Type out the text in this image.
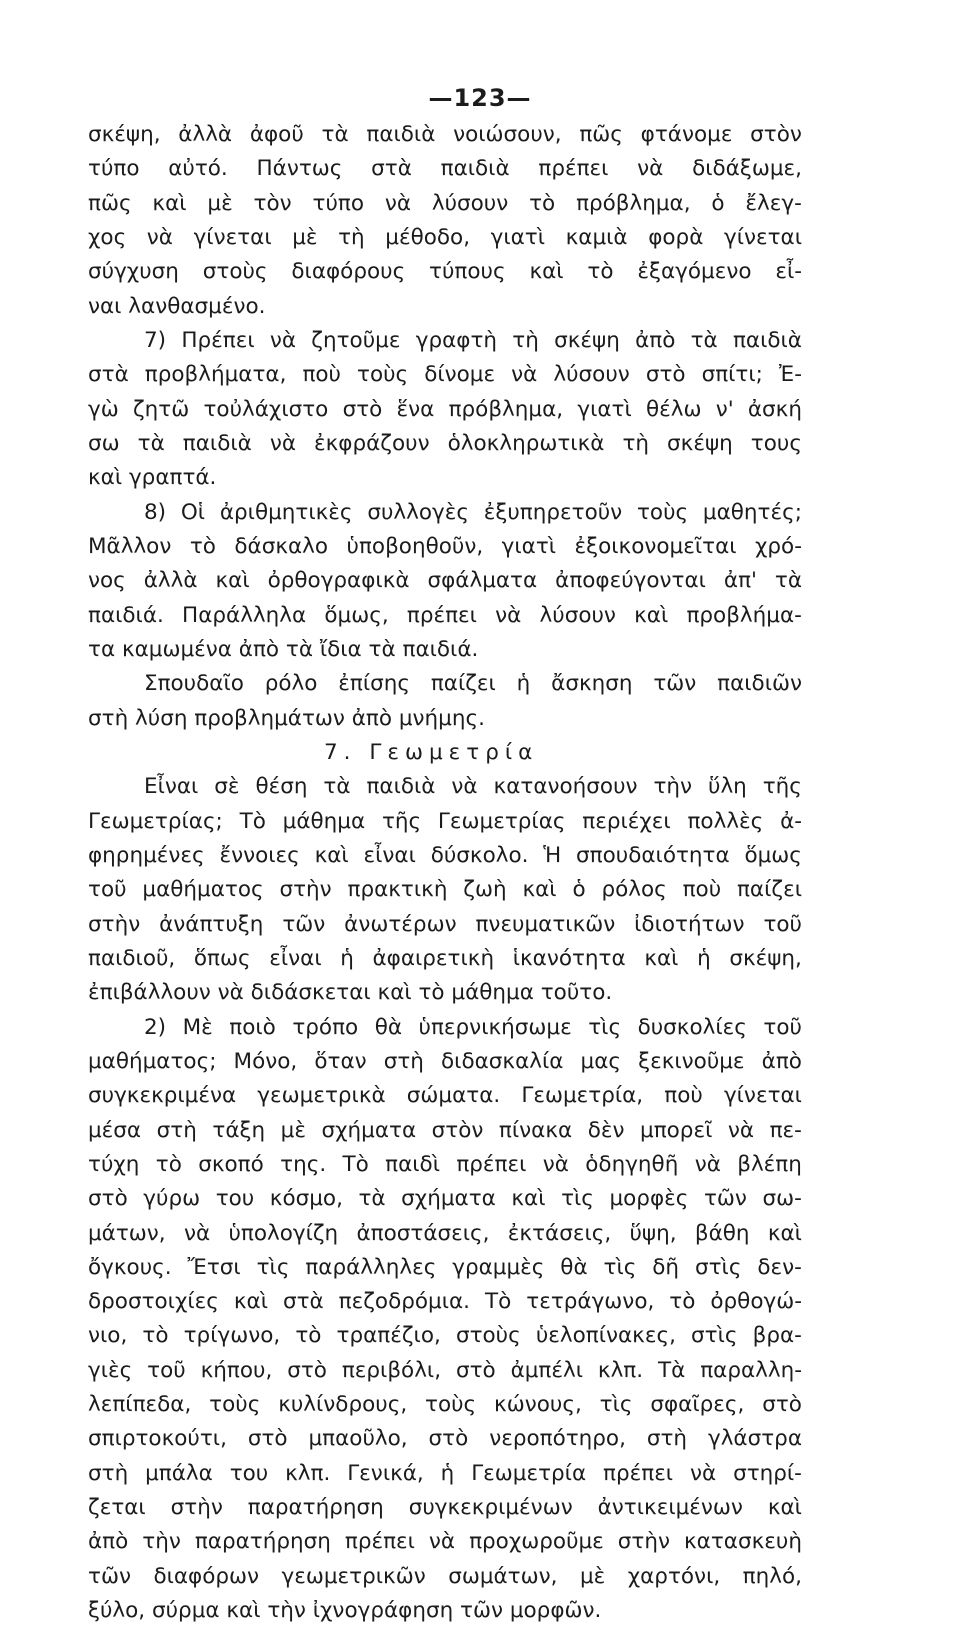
—123—
σκέψη, ἀλλὰ ἀφοῦ τὰ παιδιὰ νοιώσουν, πῶς φτάνομε στὸν
τύπο αὐτό. Πάντως στὰ παιδιὰ πρέπει νὰ διδάξωμε,
πῶς καὶ μὲ τὸν τύπο νὰ λύσουν τὸ πρόβλημα, ὁ ἔλεγ-
χος νὰ γίνεται μὲ τὴ μέθοδο, γιατὶ καμιὰ φορὰ γίνεται
σύγχυση στοὺς διαφόρους τύπους καὶ τὸ ἐξαγόμενο εἶ-
ναι λανθασμένο.
7) Πρέπει νὰ ζητοῦμε γραφτὴ τὴ σκέψη ἀπὸ τὰ παιδιὰ
στὰ προβλήματα, ποὺ τοὺς δίνομε νὰ λύσουν στὸ σπίτι; Ἐ-
γὼ ζητῶ τοὐλάχιστο στὸ ἕνα πρόβλημα, γιατὶ θέλω ν' ἀσκή
σω τὰ παιδιὰ νὰ ἐκφράζουν ὁλοκληρωτικὰ τὴ σκέψη τους
καὶ γραπτά.
8) Οἱ ἀριθμητικὲς συλλογὲς ἐξυπηρετοῦν τοὺς μαθητές;
Μᾶλλον τὸ δάσκαλο ὑποβοηθοῦν, γιατὶ ἐξοικονομεῖται χρό-
νος ἀλλὰ καὶ ὀρθογραφικὰ σφάλματα ἀποφεύγονται ἀπ' τὰ
παιδιά. Παράλληλα ὅμως, πρέπει νὰ λύσουν καὶ προβλήμα-
τα καμωμένα ἀπὸ τὰ ἴδια τὰ παιδιά.
Σπουδαῖο ρόλο ἐπίσης παίζει ἡ ἄσκηση τῶν παιδιῶν
στὴ λύση προβλημάτων ἀπὸ μνήμης.
7. Γεωμετρία
Εἶναι σὲ θέση τὰ παιδιὰ νὰ κατανοήσουν τὴν ὕλη τῆς
Γεωμετρίας; Τὸ μάθημα τῆς Γεωμετρίας περιέχει πολλὲς ἀ-
φηρημένες ἔννοιες καὶ εἶναι δύσκολο. Ἡ σπουδαιότητα ὅμως
τοῦ μαθήματος στὴν πρακτικὴ ζωὴ καὶ ὁ ρόλος ποὺ παίζει
στὴν ἀνάπτυξη τῶν ἀνωτέρων πνευματικῶν ἰδιοτήτων τοῦ
παιδιοῦ, ὅπως εἶναι ἡ ἀφαιρετικὴ ἱκανότητα καὶ ἡ σκέψη,
ἐπιβάλλουν νὰ διδάσκεται καὶ τὸ μάθημα τοῦτο.
2) Μὲ ποιὸ τρόπο θὰ ὑπερνικήσωμε τὶς δυσκολίες τοῦ
μαθήματος; Μόνο, ὅταν στὴ διδασκαλία μας ξεκινοῦμε ἀπὸ
συγκεκριμένα γεωμετρικὰ σώματα. Γεωμετρία, ποὺ γίνεται
μέσα στὴ τάξη μὲ σχήματα στὸν πίνακα δὲν μπορεῖ νὰ πε-
τύχη τὸ σκοπό της. Τὸ παιδὶ πρέπει νὰ ὁδηγηθῆ νὰ βλέπη
στὸ γύρω του κόσμο, τὰ σχήματα καὶ τὶς μορφὲς τῶν σω-
μάτων, νὰ ὑπολογίζη ἀποστάσεις, ἐκτάσεις, ὕψη, βάθη καὶ
ὄγκους. Ἔτσι τὶς παράλληλες γραμμὲς θὰ τὶς δῆ στὶς δεν-
δροστοιχίες καὶ στὰ πεζοδρόμια. Τὸ τετράγωνο, τὸ ὀρθογώ-
νιο, τὸ τρίγωνο, τὸ τραπέζιο, στοὺς ὑελοπίνακες, στὶς βρα-
γιὲς τοῦ κήπου, στὸ περιβόλι, στὸ ἀμπέλι κλπ. Τὰ παραλλη-
λεπίπεδα, τοὺς κυλίνδρους, τοὺς κώνους, τὶς σφαῖρες, στὸ
σπιρτοκούτι, στὸ μπαοῦλο, στὸ νεροπότηρο, στὴ γλάστρα
στὴ μπάλα του κλπ. Γενικά, ἡ Γεωμετρία πρέπει νὰ στηρί-
ζεται στὴν παρατήρηση συγκεκριμένων ἀντικειμένων καὶ
ἀπὸ τὴν παρατήρηση πρέπει νὰ προχωροῦμε στὴν κατασκευὴ
τῶν διαφόρων γεωμετρικῶν σωμάτων, μὲ χαρτόνι, πηλό,
ξύλο, σύρμα καὶ τὴν ἰχνογράφηση τῶν μορφῶν.
